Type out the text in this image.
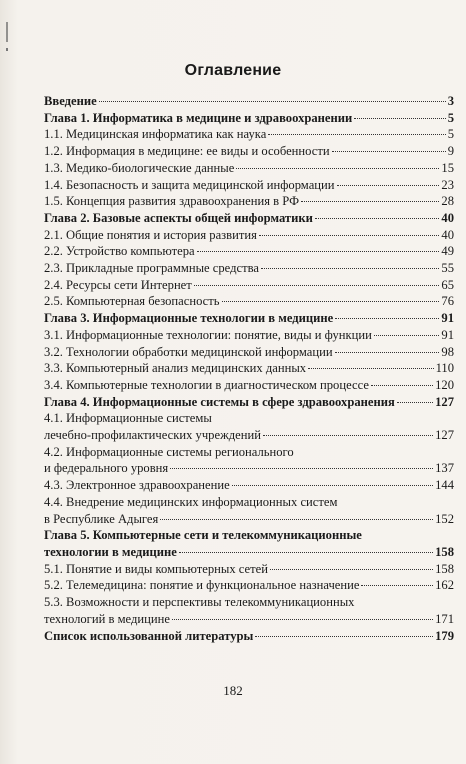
Оглавление
Введение	3
Глава 1. Информатика в медицине и здравоохранении	5
1.1. Медицинская информатика как наука	5
1.2. Информация в медицине: ее виды и особенности	9
1.3. Медико-биологические данные	15
1.4. Безопасность и защита медицинской информации	23
1.5. Концепция развития здравоохранения в РФ	28
Глава 2. Базовые аспекты общей информатики	40
2.1. Общие понятия и история развития	40
2.2. Устройство компьютера	49
2.3. Прикладные программные средства	55
2.4. Ресурсы сети Интернет	65
2.5. Компьютерная безопасность	76
Глава 3. Информационные технологии в медицине	91
3.1. Информационные технологии: понятие, виды и функции	91
3.2. Технологии обработки медицинской информации	98
3.3. Компьютерный анализ медицинских данных	110
3.4. Компьютерные технологии в диагностическом процессе	120
Глава 4. Информационные системы в сфере здравоохранения	127
4.1. Информационные системы
лечебно-профилактических учреждений	127
4.2. Информационные системы регионального
и федерального уровня	137
4.3. Электронное здравоохранение	144
4.4. Внедрение медицинских информационных систем
в Республике Адыгея	152
Глава 5. Компьютерные сети и телекоммуникационные
технологии в медицине	158
5.1. Понятие и виды компьютерных сетей	158
5.2. Телемедицина: понятие и функциональное назначение	162
5.3. Возможности и перспективы телекоммуникационных
технологий в медицине	171
Список использованной литературы	179
182
